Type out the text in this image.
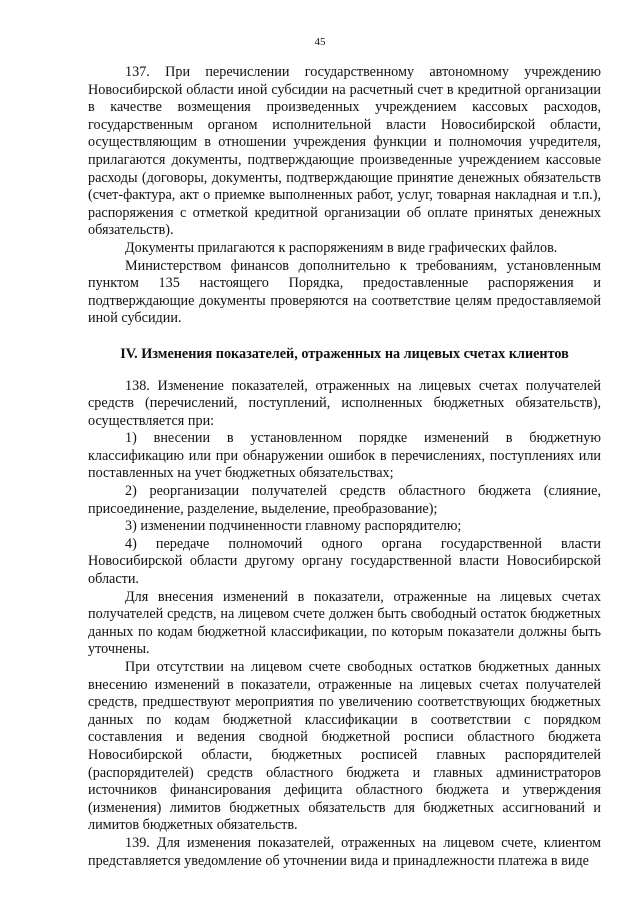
45

137. При перечислении государственному автономному учреждению Новосибирской области иной субсидии на расчетный счет в кредитной организации в качестве возмещения произведенных учреждением кассовых расходов, государственным органом исполнительной власти Новосибирской области, осуществляющим в отношении учреждения функции и полномочия учредителя, прилагаются документы, подтверждающие произведенные учреждением кассовые расходы (договоры, документы, подтверждающие принятие денежных обязательств (счет-фактура, акт о приемке выполненных работ, услуг, товарная накладная и т.п.), распоряжения с отметкой кредитной организации об оплате принятых денежных обязательств).

Документы прилагаются к распоряжениям в виде графических файлов.

Министерством финансов дополнительно к требованиям, установленным пунктом 135 настоящего Порядка, предоставленные распоряжения и подтверждающие документы проверяются на соответствие целям предоставляемой иной субсидии.

IV. Изменения показателей, отраженных на лицевых счетах клиентов

138. Изменение показателей, отраженных на лицевых счетах получателей средств (перечислений, поступлений, исполненных бюджетных обязательств), осуществляется при:

1) внесении в установленном порядке изменений в бюджетную классификацию или при обнаружении ошибок в перечислениях, поступлениях или поставленных на учет бюджетных обязательствах;

2) реорганизации получателей средств областного бюджета (слияние, присоединение, разделение, выделение, преобразование);

3) изменении подчиненности главному распорядителю;

4) передаче полномочий одного органа государственной власти Новосибирской области другому органу государственной власти Новосибирской области.

Для внесения изменений в показатели, отраженные на лицевых счетах получателей средств, на лицевом счете должен быть свободный остаток бюджетных данных по кодам бюджетной классификации, по которым показатели должны быть уточнены.

При отсутствии на лицевом счете свободных остатков бюджетных данных внесению изменений в показатели, отраженные на лицевых счетах получателей средств, предшествуют мероприятия по увеличению соответствующих бюджетных данных по кодам бюджетной классификации в соответствии с порядком составления и ведения сводной бюджетной росписи областного бюджета Новосибирской области, бюджетных росписей главных распорядителей (распорядителей) средств областного бюджета и главных администраторов источников финансирования дефицита областного бюджета и утверждения (изменения) лимитов бюджетных обязательств для бюджетных ассигнований и лимитов бюджетных обязательств.

139. Для изменения показателей, отраженных на лицевом счете, клиентом представляется уведомление об уточнении вида и принадлежности платежа в виде
